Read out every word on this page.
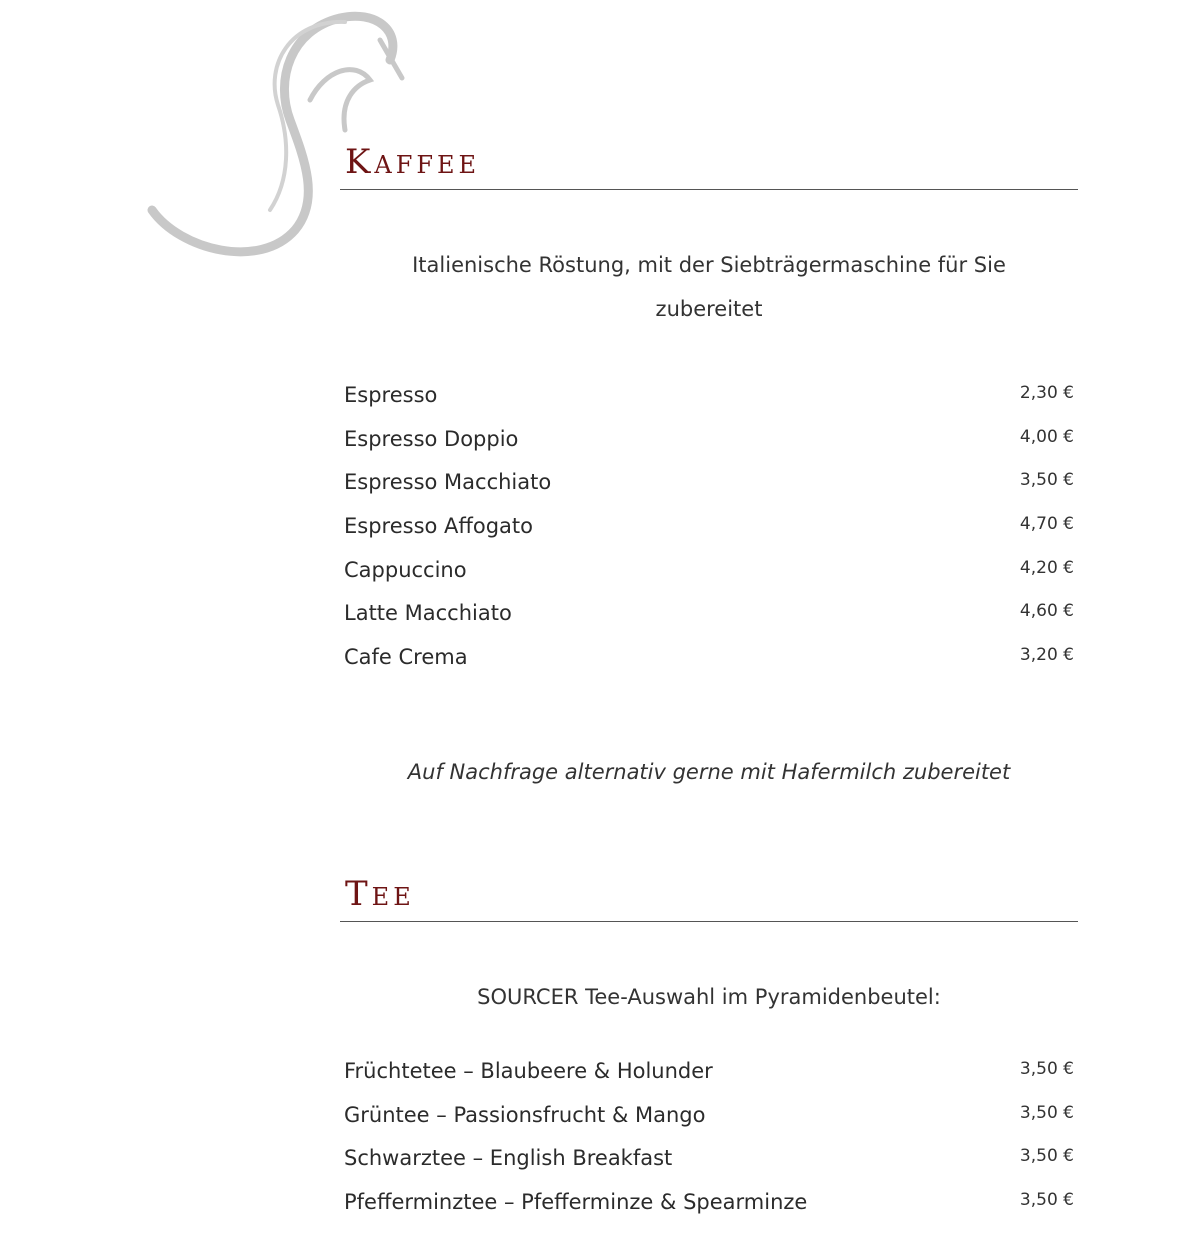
Kaffee
Italienische Röstung, mit der Siebträgermaschine für Sie
zubereitet
Espresso	2,30 €
Espresso Doppio	4,00 €
Espresso Macchiato	3,50 €
Espresso Affogato	4,70 €
Cappuccino	4,20 €
Latte Macchiato	4,60 €
Cafe Crema	3,20 €
Auf Nachfrage alternativ gerne mit Hafermilch zubereitet
Tee
SOURCER Tee-Auswahl im Pyramidenbeutel:
Früchtetee – Blaubeere & Holunder	3,50 €
Grüntee – Passionsfrucht & Mango	3,50 €
Schwarztee – English Breakfast	3,50 €
Pfefferminztee – Pfefferminze & Spearminze	3,50 €
